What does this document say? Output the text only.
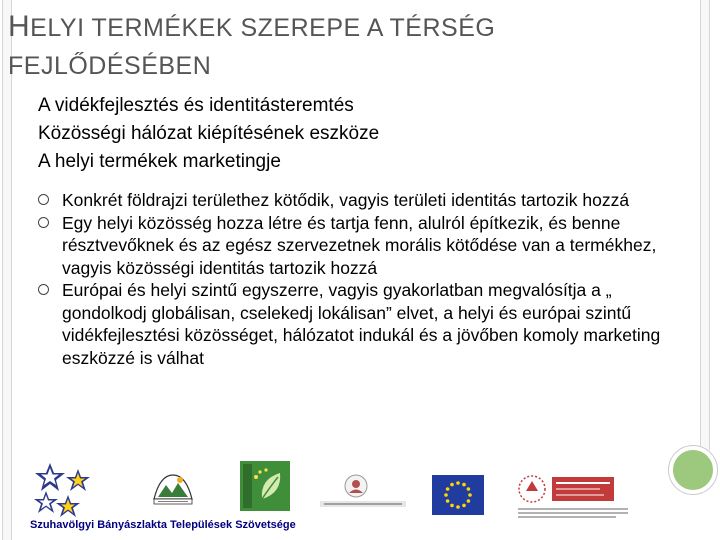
HELYI TERMÉKEK SZEREPE A TÉRSÉG
FEJLŐDÉSÉBEN
A vidékfejlesztés és identitásteremtés
Közösségi hálózat kiépítésének eszköze
A helyi termékek marketingje
Konkrét földrajzi területhez kötődik, vagyis területi identitás tartozik hozzá
Egy helyi közösség hozza létre és tartja fenn, alulról építkezik, és benne résztvevőknek és az egész szervezetnek morális kötődése van a termékhez, vagyis közösségi identitás tartozik hozzá
Európai és helyi szintű egyszerre, vagyis gyakorlatban megvalósítja a „ gondolkodj globálisan, cselekedj lokálisan” elvet, a helyi és európai szintű vidékfejlesztési közösséget, hálózatot indukál és a jövőben komoly marketing eszközzé is válhat
Szuhavölgyi Bányászlakta Települések Szövetsége
